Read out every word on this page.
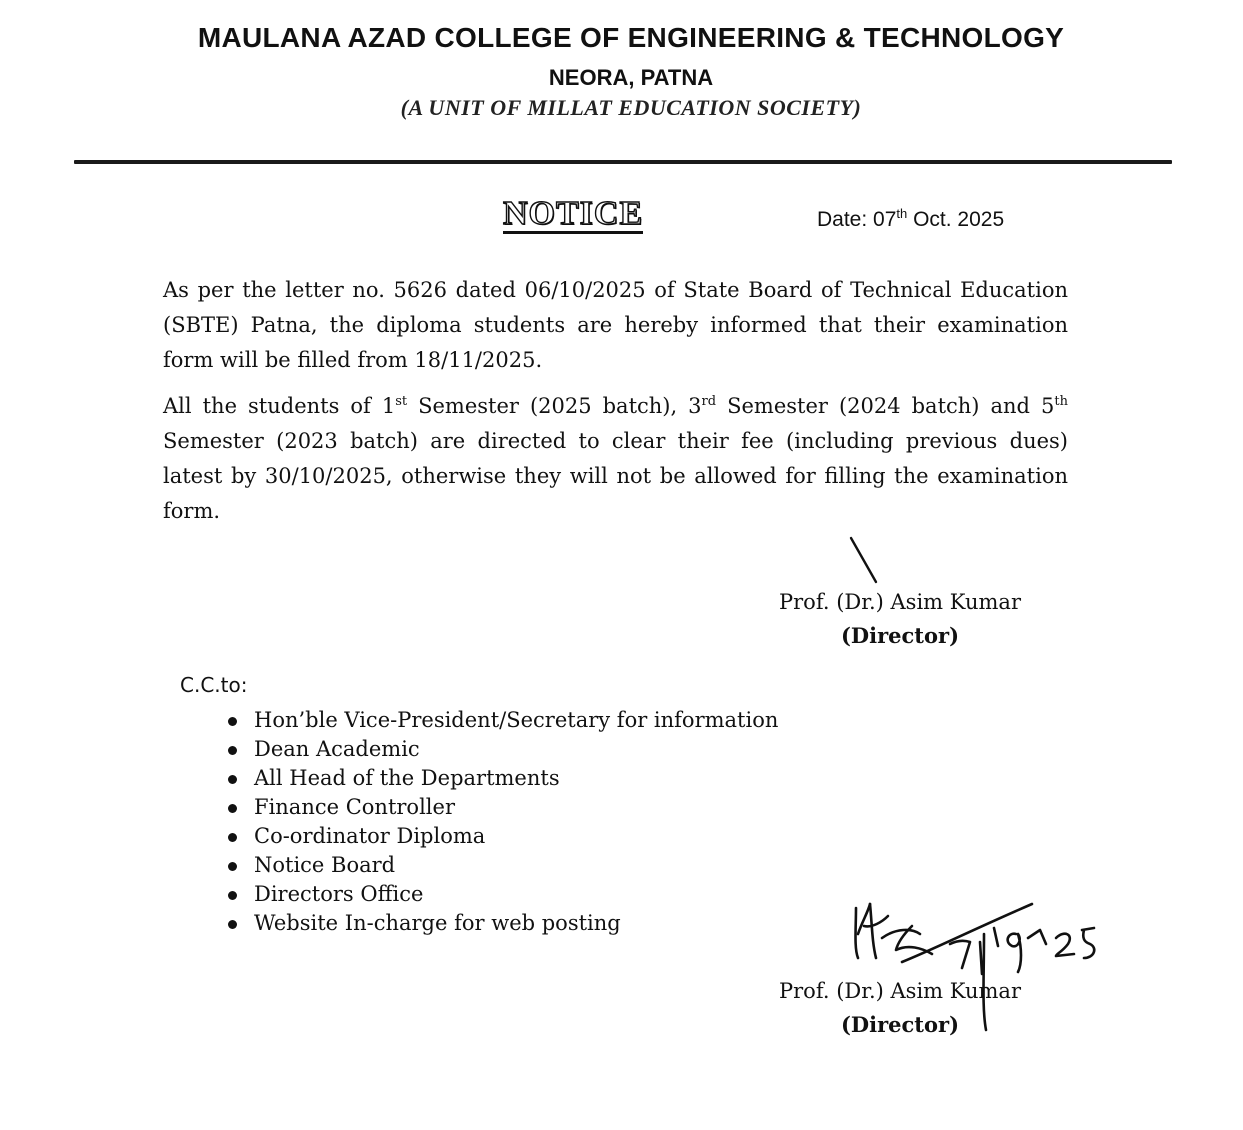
MAULANA AZAD COLLEGE OF ENGINEERING & TECHNOLOGY
NEORA, PATNA
(A UNIT OF MILLAT EDUCATION SOCIETY)
NOTICE	Date: 07th Oct. 2025

As per the letter no. 5626 dated 06/10/2025 of State Board of Technical Education (SBTE) Patna, the diploma students are hereby informed that their examination form will be filled from 18/11/2025.

All the students of 1st Semester (2025 batch), 3rd Semester (2024 batch) and 5th Semester (2023 batch) are directed to clear their fee (including previous dues) latest by 30/10/2025, otherwise they will not be allowed for filling the examination form.

Prof. (Dr.) Asim Kumar
(Director)
C.C.to:
Hon’ble Vice-President/Secretary for information
Dean Academic
All Head of the Departments
Finance Controller
Co-ordinator Diploma
Notice Board
Directors Office
Website In-charge for web posting
Prof. (Dr.) Asim Kumar
(Director)
